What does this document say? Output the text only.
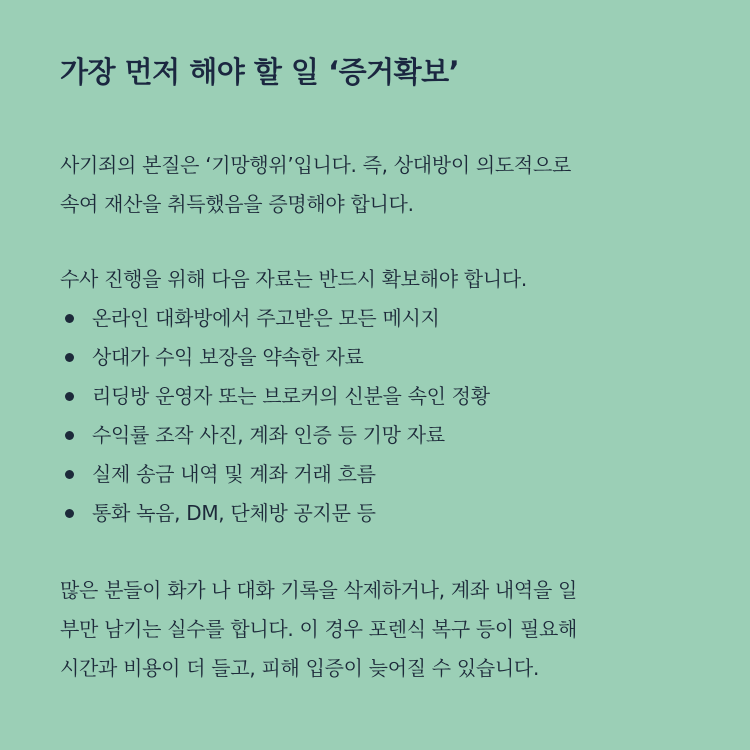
가장 먼저 해야 할 일 ‘증거확보’

사기죄의 본질은 ‘기망행위’입니다. 즉, 상대방이 의도적으로

속여 재산을 취득했음을 증명해야 합니다.

수사 진행을 위해 다음 자료는 반드시 확보해야 합니다.

온라인 대화방에서 주고받은 모든 메시지
상대가 수익 보장을 약속한 자료
리딩방 운영자 또는 브로커의 신분을 속인 정황
수익률 조작 사진, 계좌 인증 등 기망 자료
실제 송금 내역 및 계좌 거래 흐름
통화 녹음, DM, 단체방 공지문 등

많은 분들이 화가 나 대화 기록을 삭제하거나, 계좌 내역을 일

부만 남기는 실수를 합니다. 이 경우 포렌식 복구 등이 필요해

시간과 비용이 더 들고, 피해 입증이 늦어질 수 있습니다.
